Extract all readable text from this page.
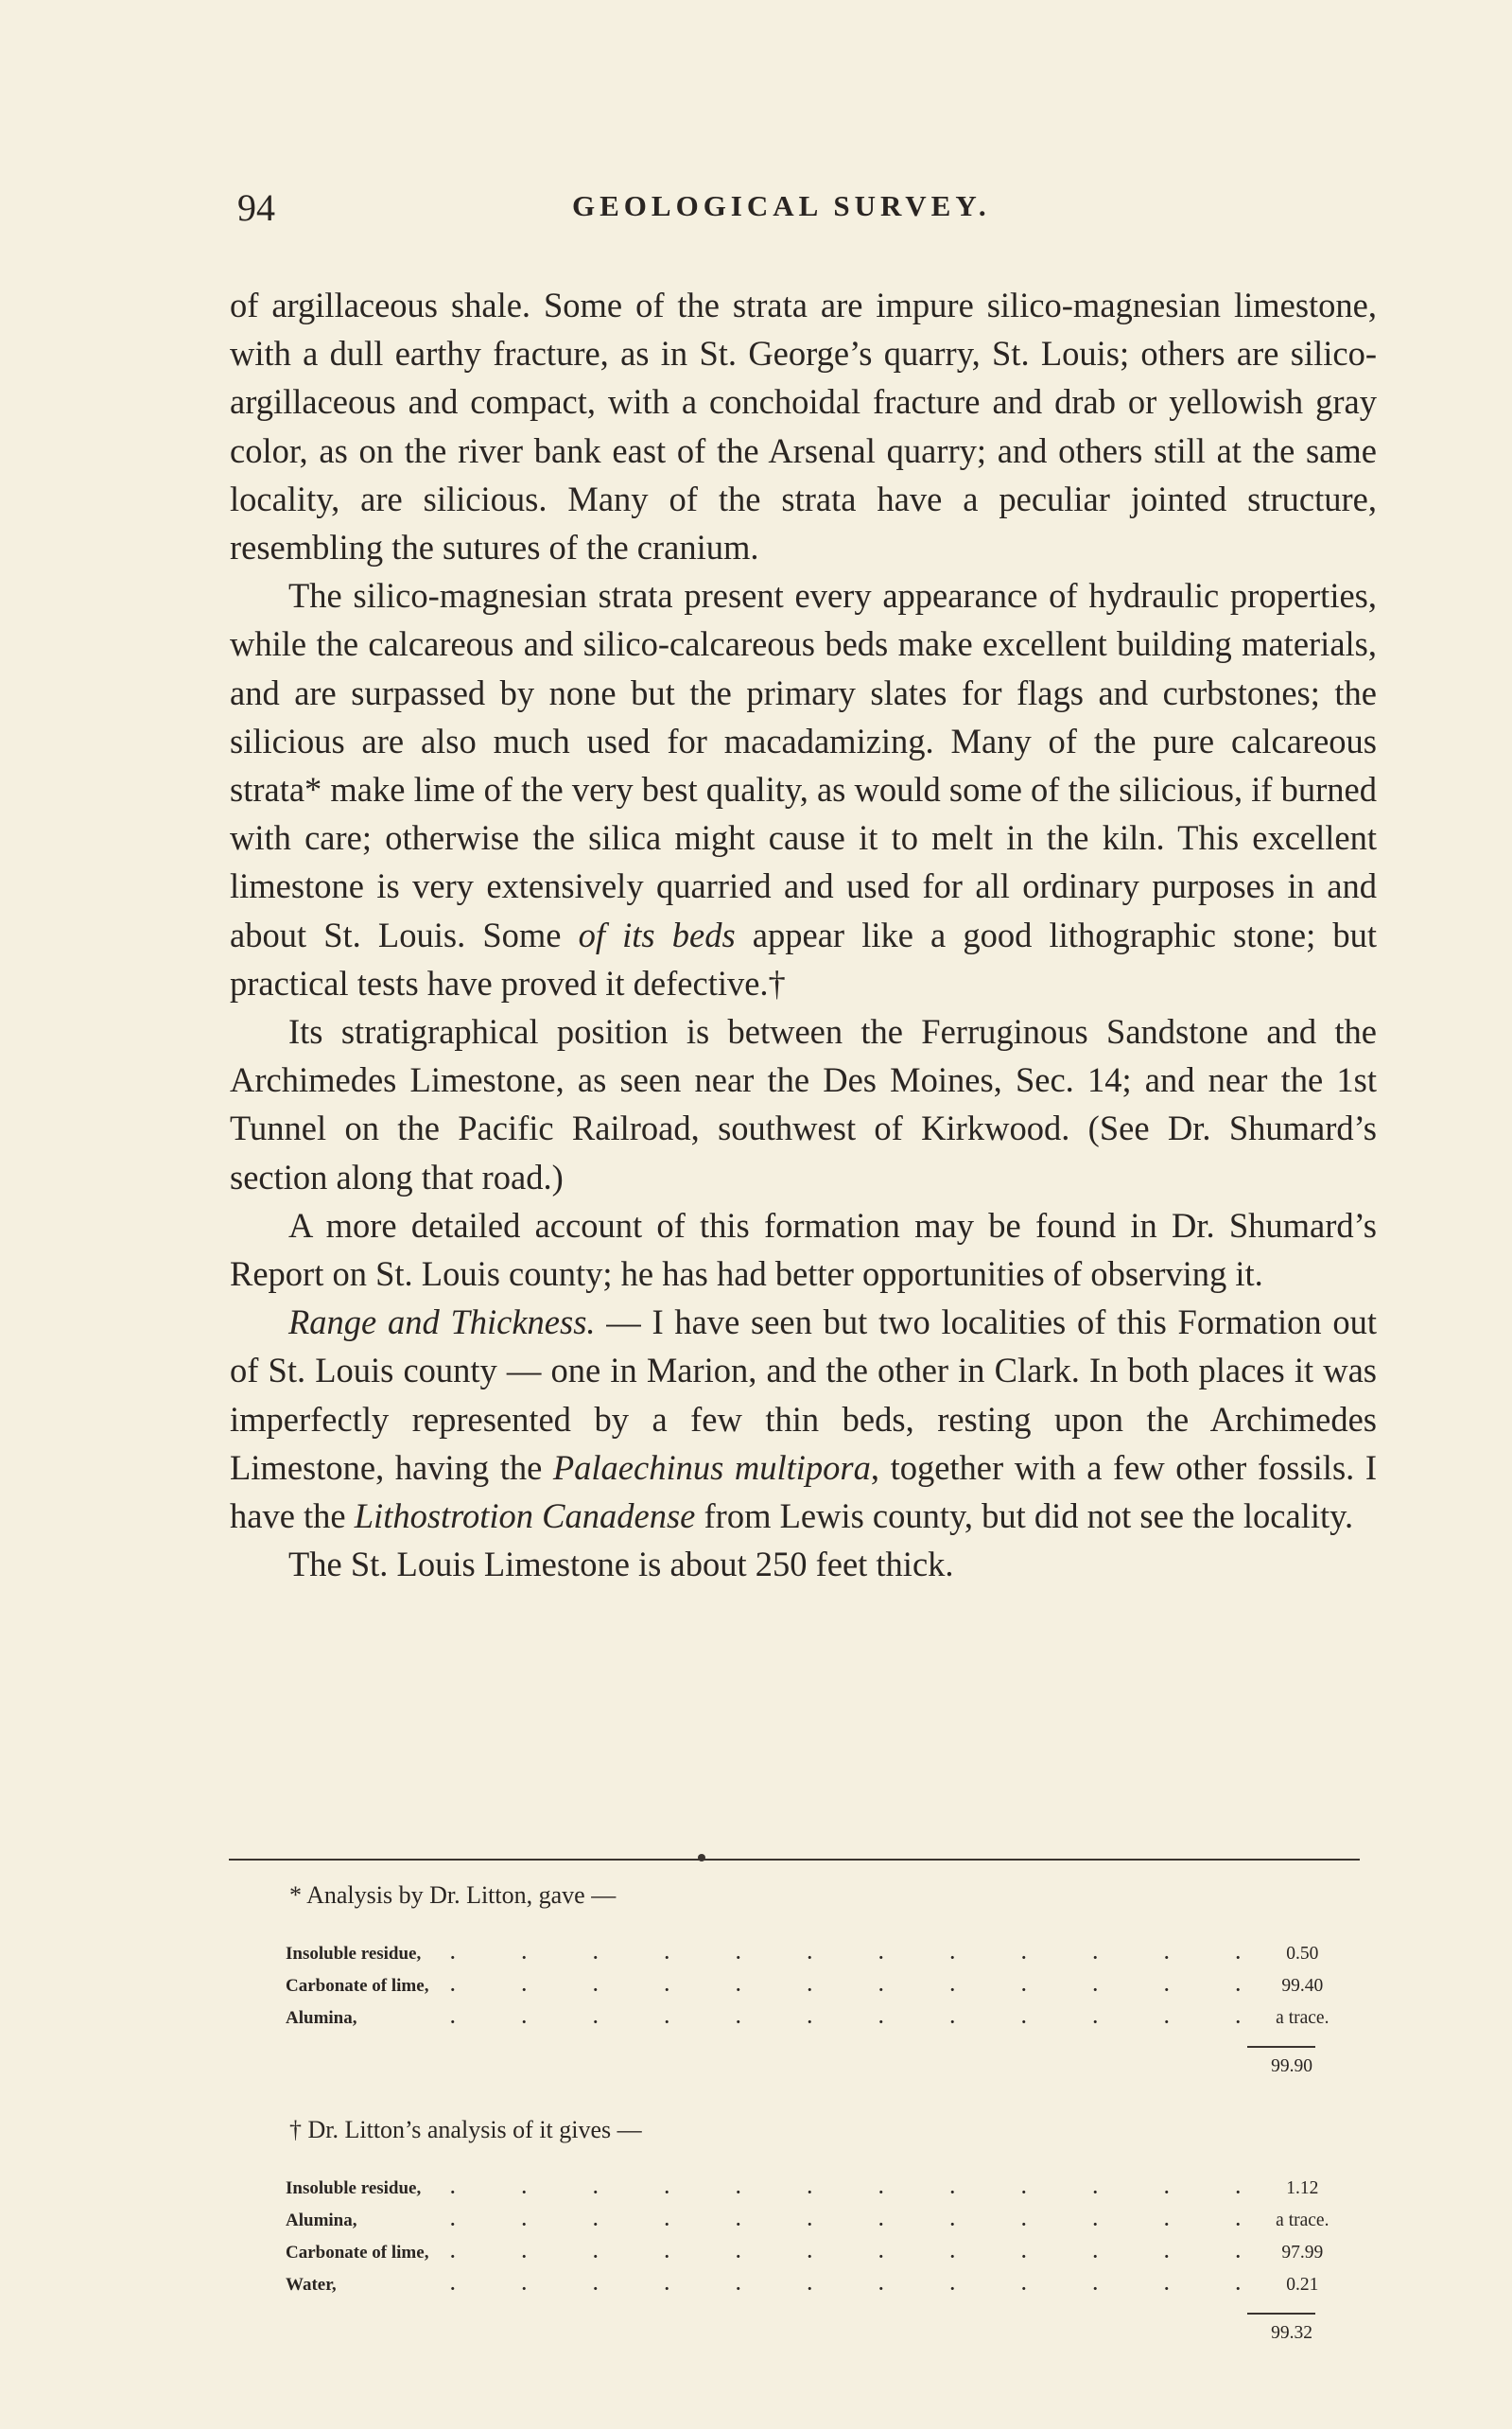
94	GEOLOGICAL SURVEY.

of argillaceous shale. Some of the strata are impure silico-magnesian limestone, with a dull earthy fracture, as in St. George’s quarry, St. Louis; others are silico-argillaceous and compact, with a conchoidal fracture and drab or yellowish gray color, as on the river bank east of the Arsenal quarry; and others still at the same locality, are silicious. Many of the strata have a peculiar jointed structure, resembling the sutures of the cranium.

The silico-magnesian strata present every appearance of hydraulic properties, while the calcareous and silico-calcareous beds make excellent building materials, and are surpassed by none but the primary slates for flags and curbstones; the silicious are also much used for macadamizing. Many of the pure calcareous strata* make lime of the very best quality, as would some of the silicious, if burned with care; otherwise the silica might cause it to melt in the kiln. This excellent limestone is very extensively quarried and used for all ordinary purposes in and about St. Louis. Some of its beds appear like a good lithographic stone; but practical tests have proved it defective.†

Its stratigraphical position is between the Ferruginous Sandstone and the Archimedes Limestone, as seen near the Des Moines, Sec. 14; and near the 1st Tunnel on the Pacific Railroad, southwest of Kirkwood. (See Dr. Shumard’s section along that road.)

A more detailed account of this formation may be found in Dr. Shumard’s Report on St. Louis county; he has had better opportunities of observing it.

Range and Thickness. — I have seen but two localities of this Formation out of St. Louis county — one in Marion, and the other in Clark. In both places it was imperfectly represented by a few thin beds, resting upon the Archimedes Limestone, having the Palaechinus multipora, together with a few other fossils. I have the Lithostrotion Canadense from Lewis county, but did not see the locality.

The St. Louis Limestone is about 250 feet thick.

* Analysis by Dr. Litton, gave —
Insoluble residue,	. . . . . . . . . . . . 0.50
Carbonate of lime,	. . . . . . . . . . . . 99.40
Alumina,	. . . . . . . . . . . . a trace.
99.90
† Dr. Litton’s analysis of it gives —
Insoluble residue,	. . . . . . . . . . . . 1.12
Alumina,	. . . . . . . . . . . . a trace.
Carbonate of lime,	. . . . . . . . . . . . 97.99
Water,	. . . . . . . . . . . . 0.21
99.32
